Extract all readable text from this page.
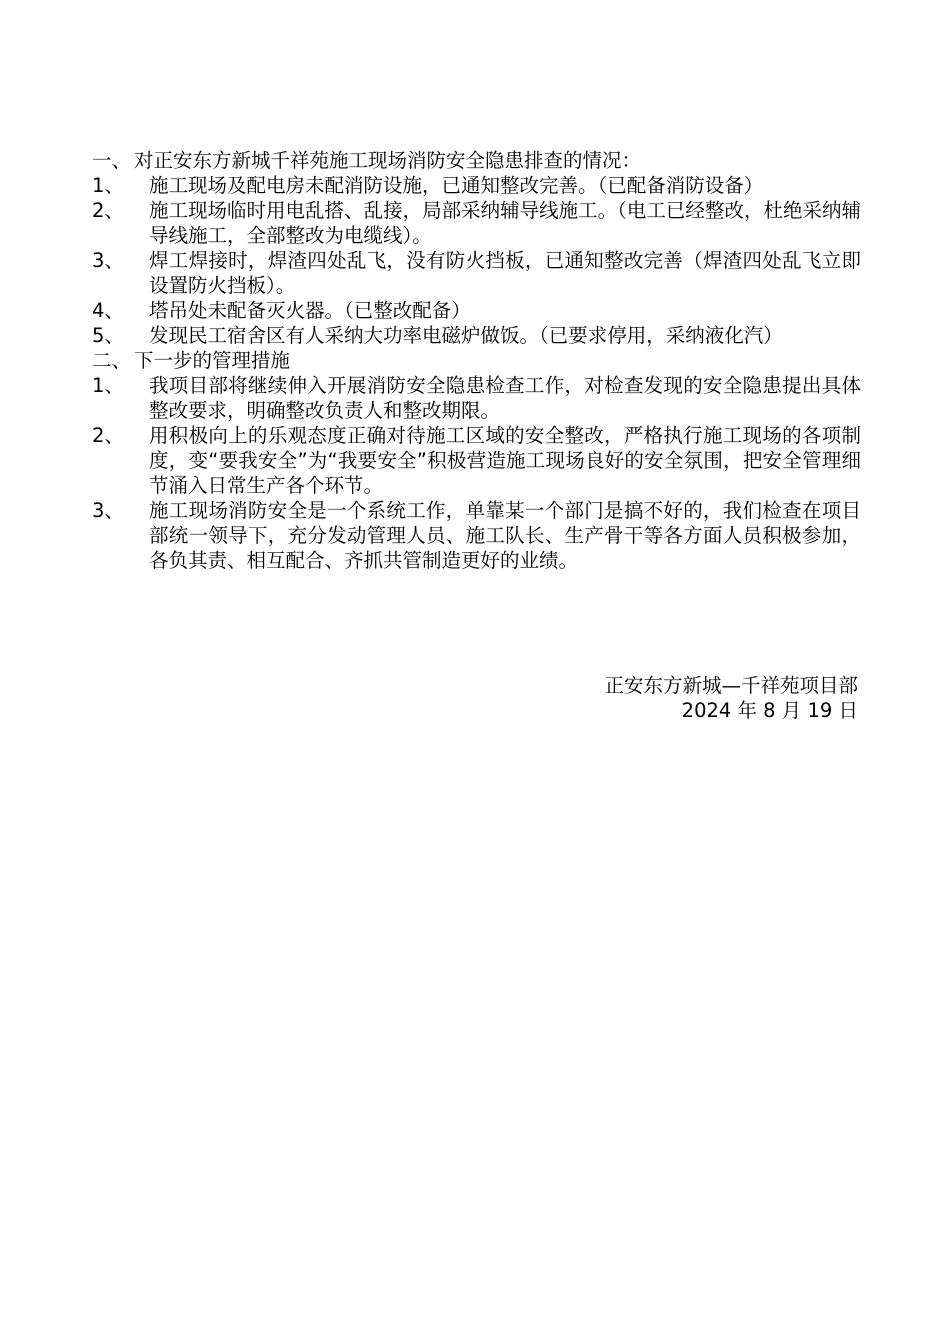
一、 对正安东方新城千祥苑施工现场消防安全隐患排查的情况：
1、	施工现场及配电房未配消防设施，已通知整改完善。（已配备消防设备）
2、	施工现场临时用电乱搭、乱接，局部采纳辅导线施工。（电工已经整改，杜绝采纳辅导线施工，全部整改为电缆线）。
3、	焊工焊接时，焊渣四处乱飞，没有防火挡板，已通知整改完善（焊渣四处乱飞立即设置防火挡板）。
4、	塔吊处未配备灭火器。（已整改配备）
5、	发现民工宿舍区有人采纳大功率电磁炉做饭。（已要求停用，采纳液化汽）
二、 下一步的管理措施
1、	我项目部将继续伸入开展消防安全隐患检查工作，对检查发现的安全隐患提出具体整改要求，明确整改负责人和整改期限。
2、	用积极向上的乐观态度正确对待施工区域的安全整改，严格执行施工现场的各项制度，变“要我安全”为“我要安全”积极营造施工现场良好的安全氛围，把安全管理细节涌入日常生产各个环节。
3、	施工现场消防安全是一个系统工作，单靠某一个部门是搞不好的，我们检查在项目部统一领导下，充分发动管理人员、施工队长、生产骨干等各方面人员积极参加，各负其责、相互配合、齐抓共管制造更好的业绩。
正安东方新城—千祥苑项目部
2024 年 8 月 19 日
